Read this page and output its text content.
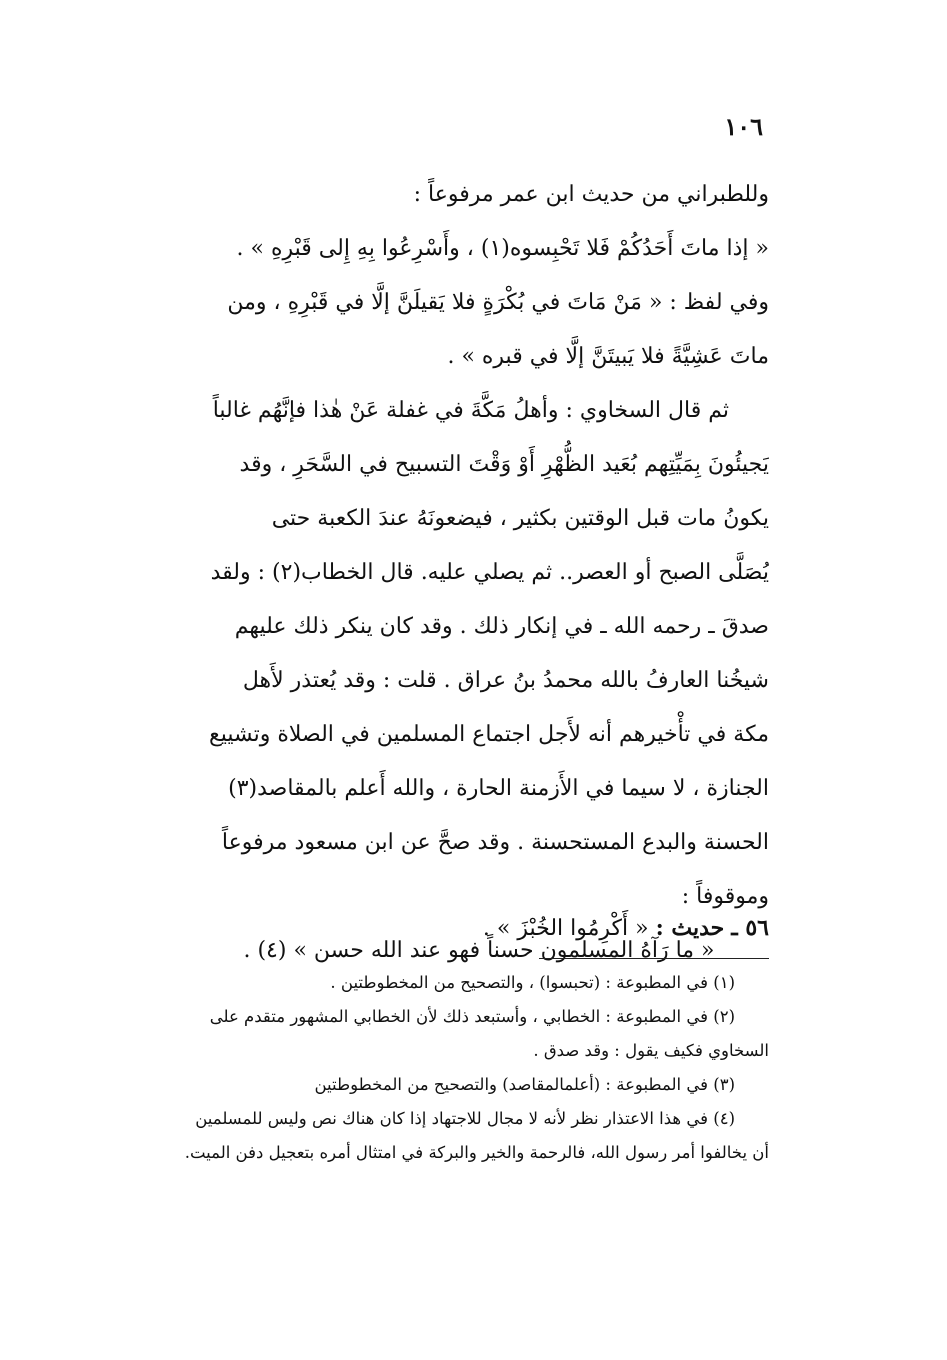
١٠٦
وللطبراني من حديث ابن عمر مرفوعاً :
« إذا ماتَ أَحَدُكُمْ فَلا تَحْبِسوه(١) ، وأَسْرِعُوا بِهِ إِلى قَبْرِهِ » .
وفي لفظ : « مَنْ مَاتَ في بُكْرَةٍ فلا يَقيلَنَّ إلَّا في قَبْرِهِ ، ومن
ماتَ عَشِيَّةً فلا يَبيتَنَّ إلَّا في قبره » .
ثم قال السخاوي : وأهلُ مَكَّةَ في غفلة عَنْ هٰذا فإنَّهُم غالباً
يَجيئُونَ بِمَيِّتِهم بُعَيد الظُّهْرِ أَوْ وَقْتَ التسبيح في السَّحَرِ ، وقد
يكونُ مات قبل الوقتين بكثير ، فيضعونَهُ عندَ الكعبة حتى
يُصَلَّى الصبح أو العصر.. ثم يصلي عليه. قال الخطاب(٢) : ولقد
صدقَ ـ رحمه الله ـ في إنكار ذلك . وقد كان ينكر ذلك عليهم
شيخُنا العارفُ بالله محمدُ بنُ عراق . قلت : وقد يُعتذر لأَهل
مكة في تأْخيرهم أنه لأَجل اجتماع المسلمين في الصلاة وتشييع
الجنازة ، لا سيما في الأَزمنة الحارة ، والله أَعلم بالمقاصد(٣)
الحسنة والبدع المستحسنة . وقد صحَّ عن ابن مسعود مرفوعاً
وموقوفاً :
« ما رَآهُ المسلمون حسناً فهو عند الله حسن » (٤) .
٥٦ ـ حديث : « أَكْرِمُوا الخُبْزَ » .
(١) في المطبوعة : (تحبسوا) ، والتصحيح من المخطوطتين .
(٢) في المطبوعة : الخطابي ، وأستبعد ذلك لأن الخطابي المشهور متقدم على
السخاوي فكيف يقول : وقد صدق .
(٣) في المطبوعة : (أعلمالمقاصد) والتصحيح من المخطوطتين
(٤) في هذا الاعتذار نظر لأنه لا مجال للاجتهاد إذا كان هناك نص وليس للمسلمين
أن يخالفوا أمر رسول الله، فالرحمة والخير والبركة في امتثال أمره بتعجيل دفن الميت.
